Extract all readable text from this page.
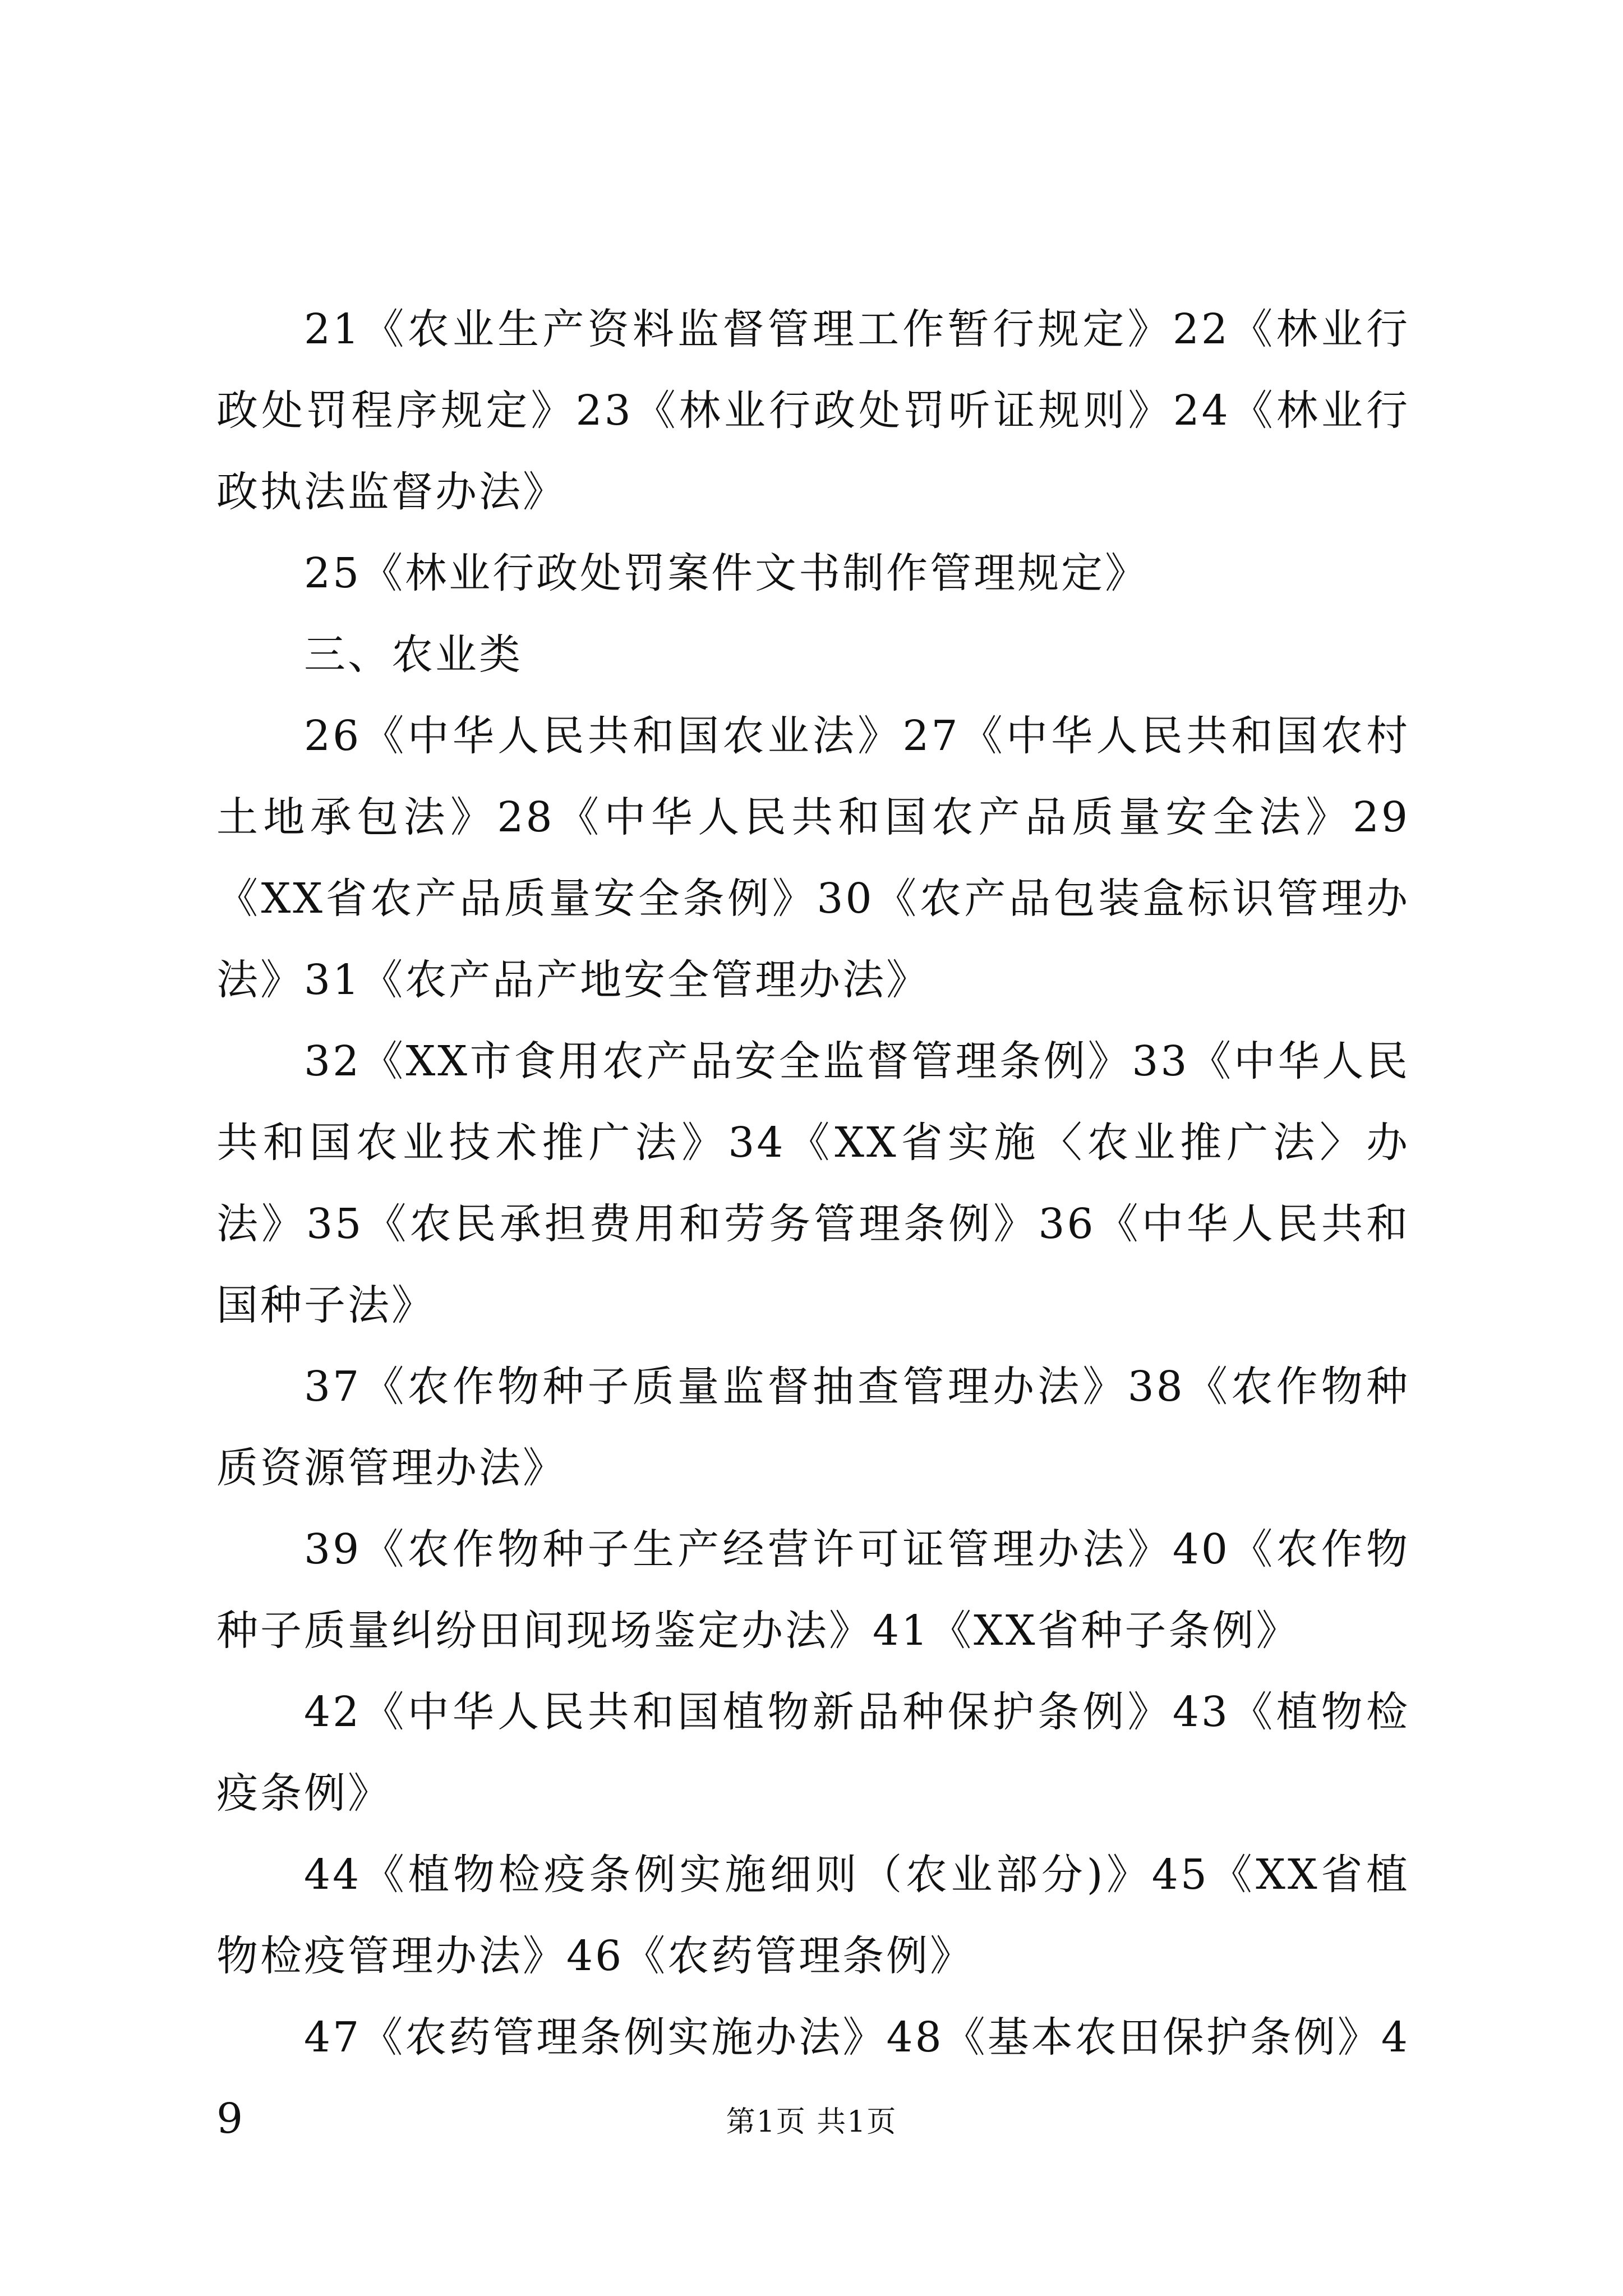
21《农业生产资料监督管理工作暂行规定》22《林业行政处罚程序规定》23《林业行政处罚听证规则》24《林业行政执法监督办法》

25《林业行政处罚案件文书制作管理规定》

三、农业类

26《中华人民共和国农业法》27《中华人民共和国农村土地承包法》28《中华人民共和国农产品质量安全法》29《XX省农产品质量安全条例》30《农产品包装盒标识管理办法》31《农产品产地安全管理办法》

32《XX市食用农产品安全监督管理条例》33《中华人民共和国农业技术推广法》34《XX省实施〈农业推广法〉办法》35《农民承担费用和劳务管理条例》36《中华人民共和国种子法》

37《农作物种子质量监督抽查管理办法》38《农作物种质资源管理办法》

39《农作物种子生产经营许可证管理办法》40《农作物种子质量纠纷田间现场鉴定办法》41《XX省种子条例》

42《中华人民共和国植物新品种保护条例》43《植物检疫条例》

44《植物检疫条例实施细则（农业部分)》45《XX省植物检疫管理办法》46《农药管理条例》

47《农药管理条例实施办法》48《基本农田保护条例》49	第1页 共1页
